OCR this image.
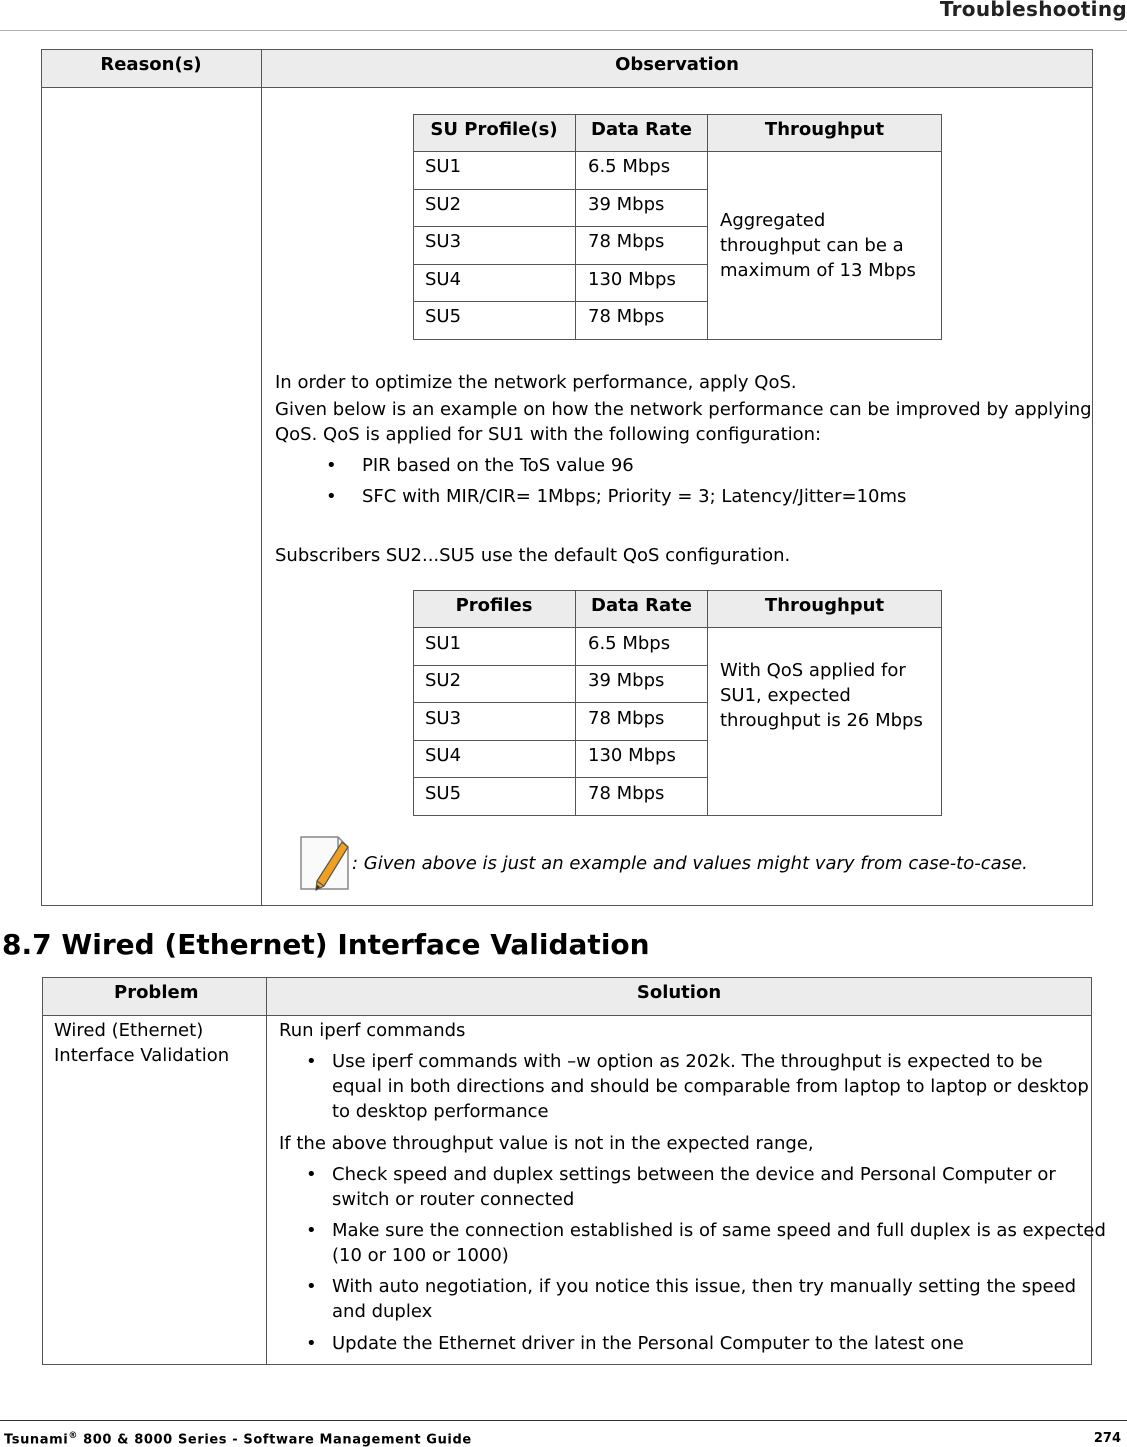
Troubleshooting
Reason(s)	Observation
SU Profile(s)	Data Rate	Throughput
SU1	6.5 Mbps
SU2	39 Mbps
SU3	78 Mbps
SU4	130 Mbps
SU5	78 Mbps
Aggregated
throughput can be a
maximum of 13 Mbps
In order to optimize the network performance, apply QoS.
Given below is an example on how the network performance can be improved by applying
QoS. QoS is applied for SU1 with the following configuration:
• PIR based on the ToS value 96
• SFC with MIR/CIR= 1Mbps; Priority = 3; Latency/Jitter=10ms
Subscribers SU2...SU5 use the default QoS configuration.
Profiles	Data Rate	Throughput
SU1	6.5 Mbps
SU2	39 Mbps
SU3	78 Mbps
SU4	130 Mbps
SU5	78 Mbps
With QoS applied for
SU1, expected
throughput is 26 Mbps
: Given above is just an example and values might vary from case-to-case.
8.7 Wired (Ethernet) Interface Validation
Problem	Solution
Wired (Ethernet)
Interface Validation
Run iperf commands
• Use iperf commands with –w option as 202k. The throughput is expected to be
equal in both directions and should be comparable from laptop to laptop or desktop
to desktop performance
If the above throughput value is not in the expected range,
• Check speed and duplex settings between the device and Personal Computer or
switch or router connected
• Make sure the connection established is of same speed and full duplex is as expected
(10 or 100 or 1000)
• With auto negotiation, if you notice this issue, then try manually setting the speed
and duplex
• Update the Ethernet driver in the Personal Computer to the latest one
Tsunami® 800 & 8000 Series - Software Management Guide	274
